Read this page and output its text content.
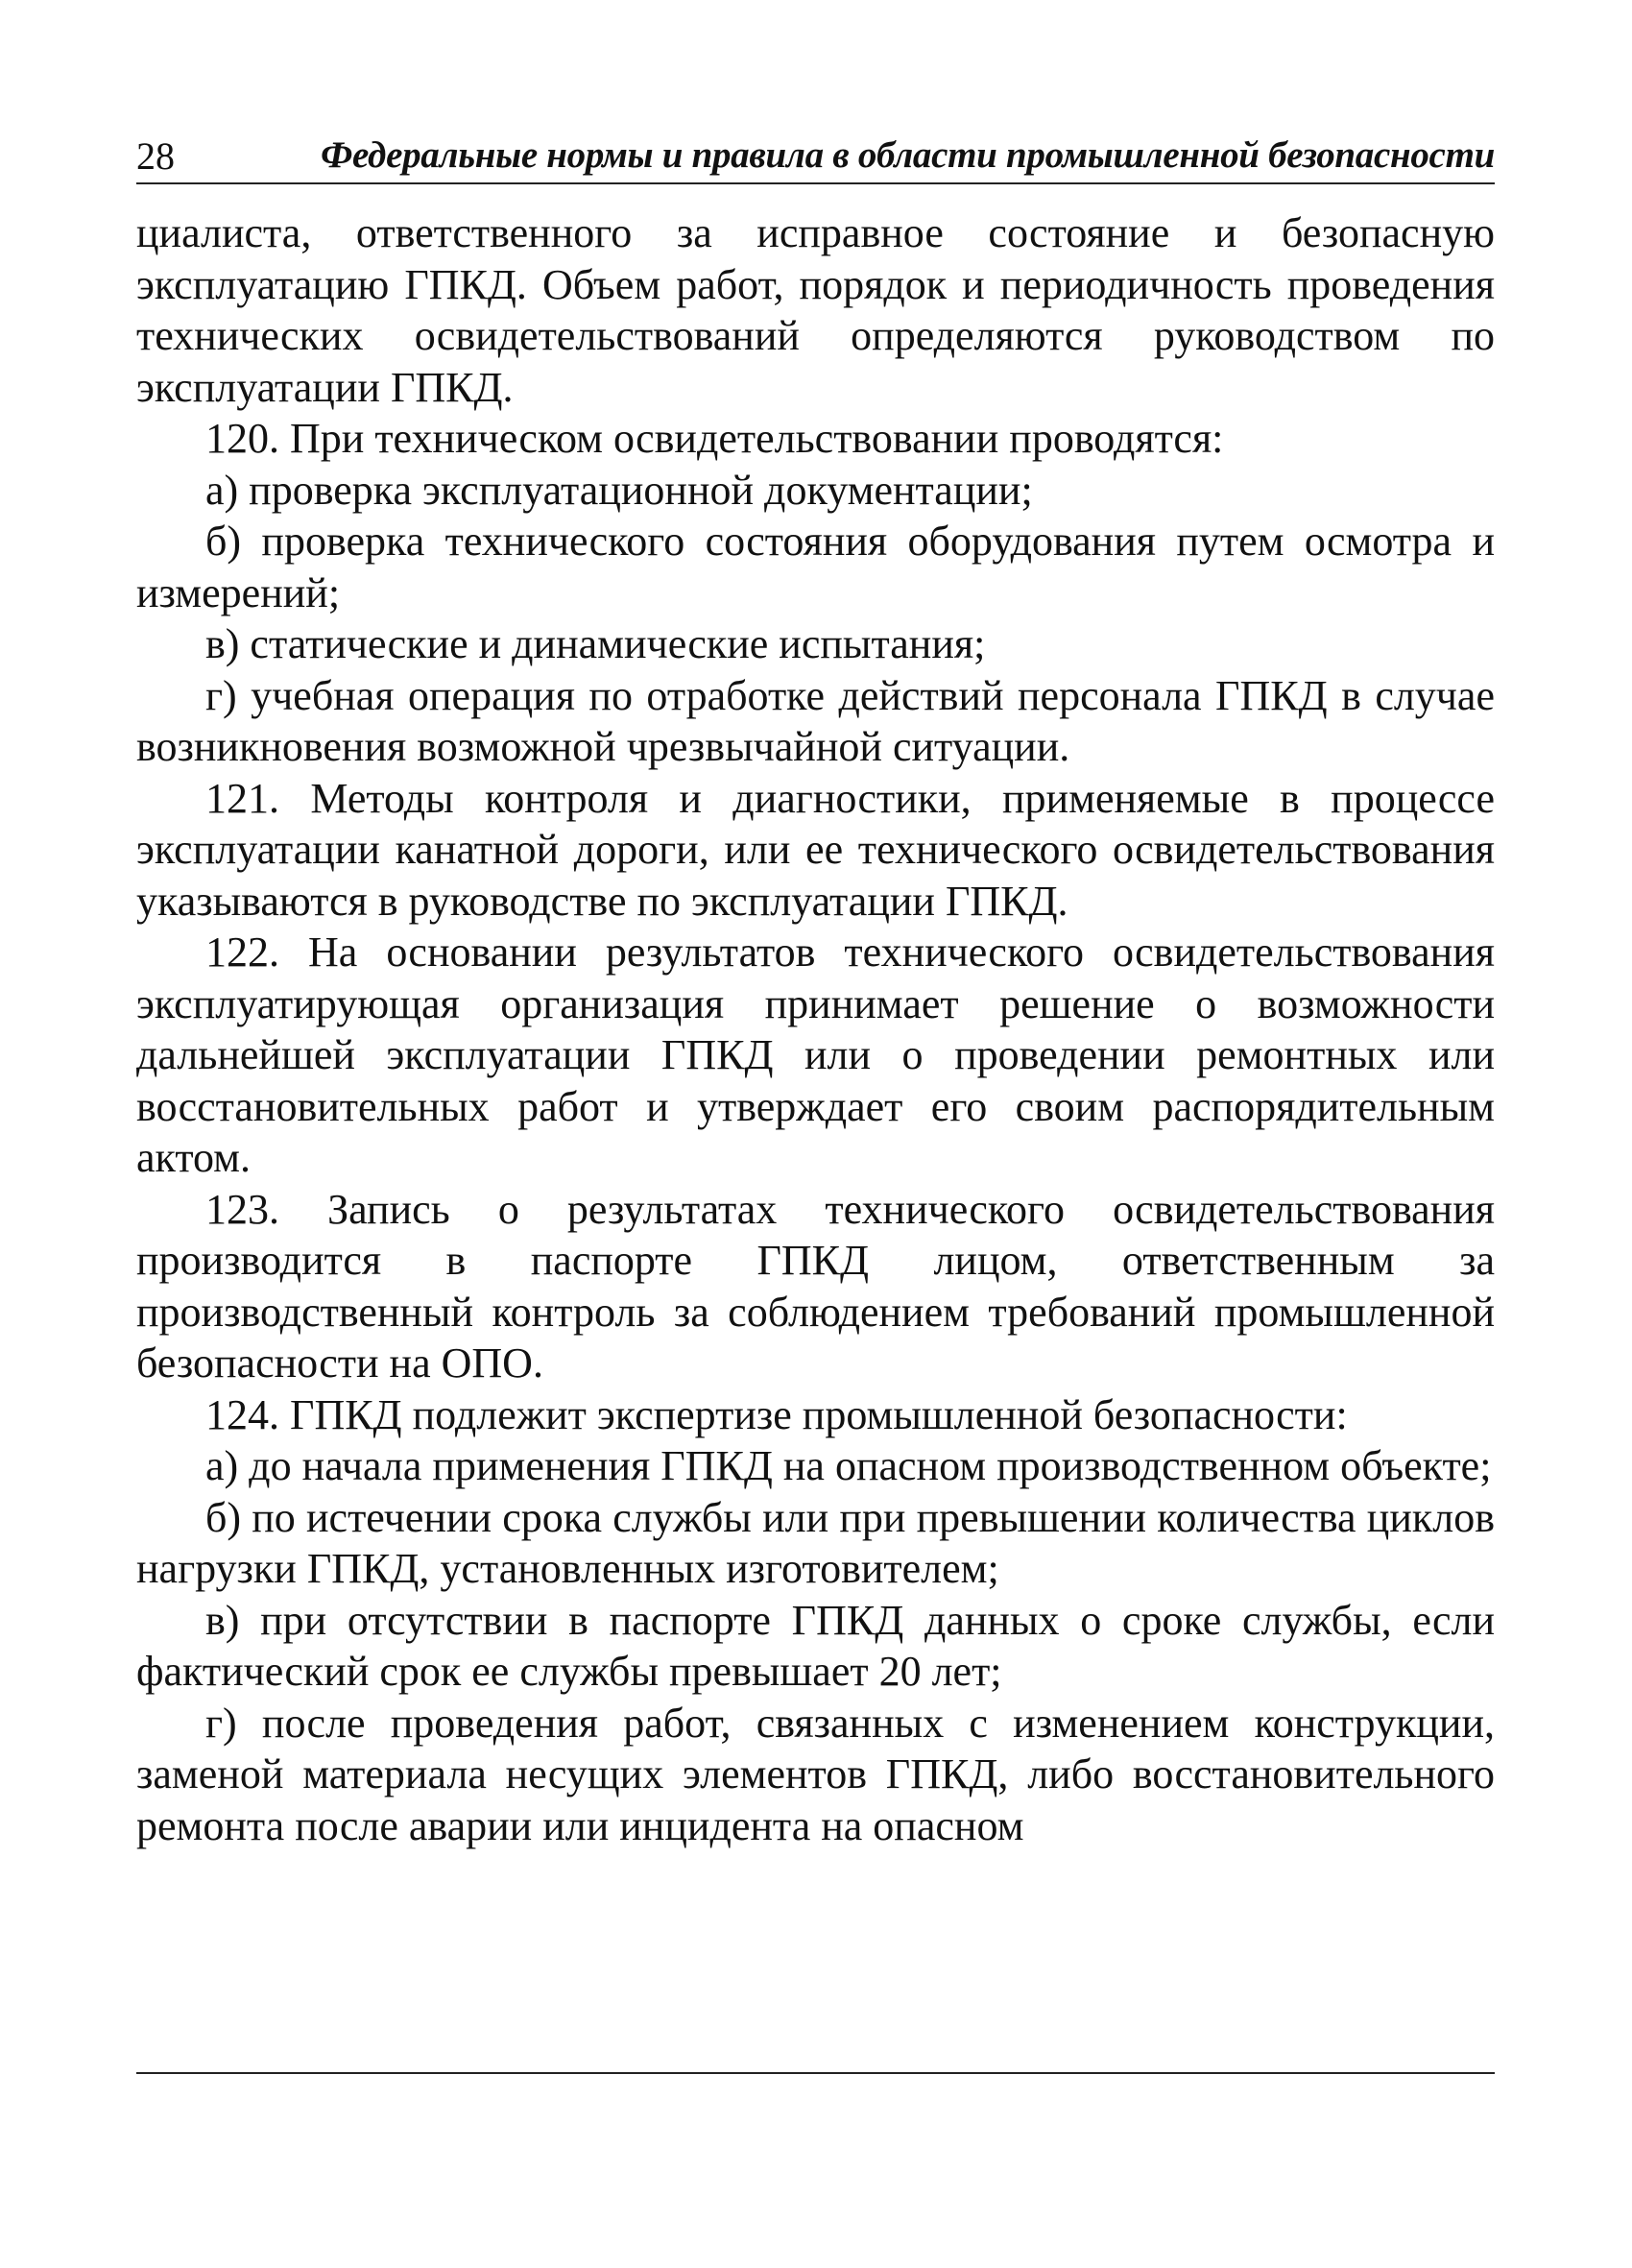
28	Федеральные нормы и правила в области промышленной безопасности

циалиста, ответственного за исправное состояние и безопасную эксплуатацию ГПКД. Объем работ, порядок и периодичность проведения технических освидетельствований определяются руководством по эксплуатации ГПКД.

120. При техническом освидетельствовании проводятся:

а) проверка эксплуатационной документации;

б) проверка технического состояния оборудования путем осмотра и измерений;

в) статические и динамические испытания;

г) учебная операция по отработке действий персонала ГПКД в случае возникновения возможной чрезвычайной ситуации.

121. Методы контроля и диагностики, применяемые в процессе эксплуатации канатной дороги, или ее технического освидетельствования указываются в руководстве по эксплуатации ГПКД.

122. На основании результатов технического освидетельствования эксплуатирующая организация принимает решение о возможности дальнейшей эксплуатации ГПКД или о проведении ремонтных или восстановительных работ и утверждает его своим распорядительным актом.

123. Запись о результатах технического освидетельствования производится в паспорте ГПКД лицом, ответственным за производственный контроль за соблюдением требований промышленной безопасности на ОПО.

124. ГПКД подлежит экспертизе промышленной безопасности:

а) до начала применения ГПКД на опасном производственном объекте;

б) по истечении срока службы или при превышении количества циклов нагрузки ГПКД, установленных изготовителем;

в) при отсутствии в паспорте ГПКД данных о сроке службы, если фактический срок ее службы превышает 20 лет;

г) после проведения работ, связанных с изменением конструкции, заменой материала несущих элементов ГПКД, либо восстановительного ремонта после аварии или инцидента на опасном
